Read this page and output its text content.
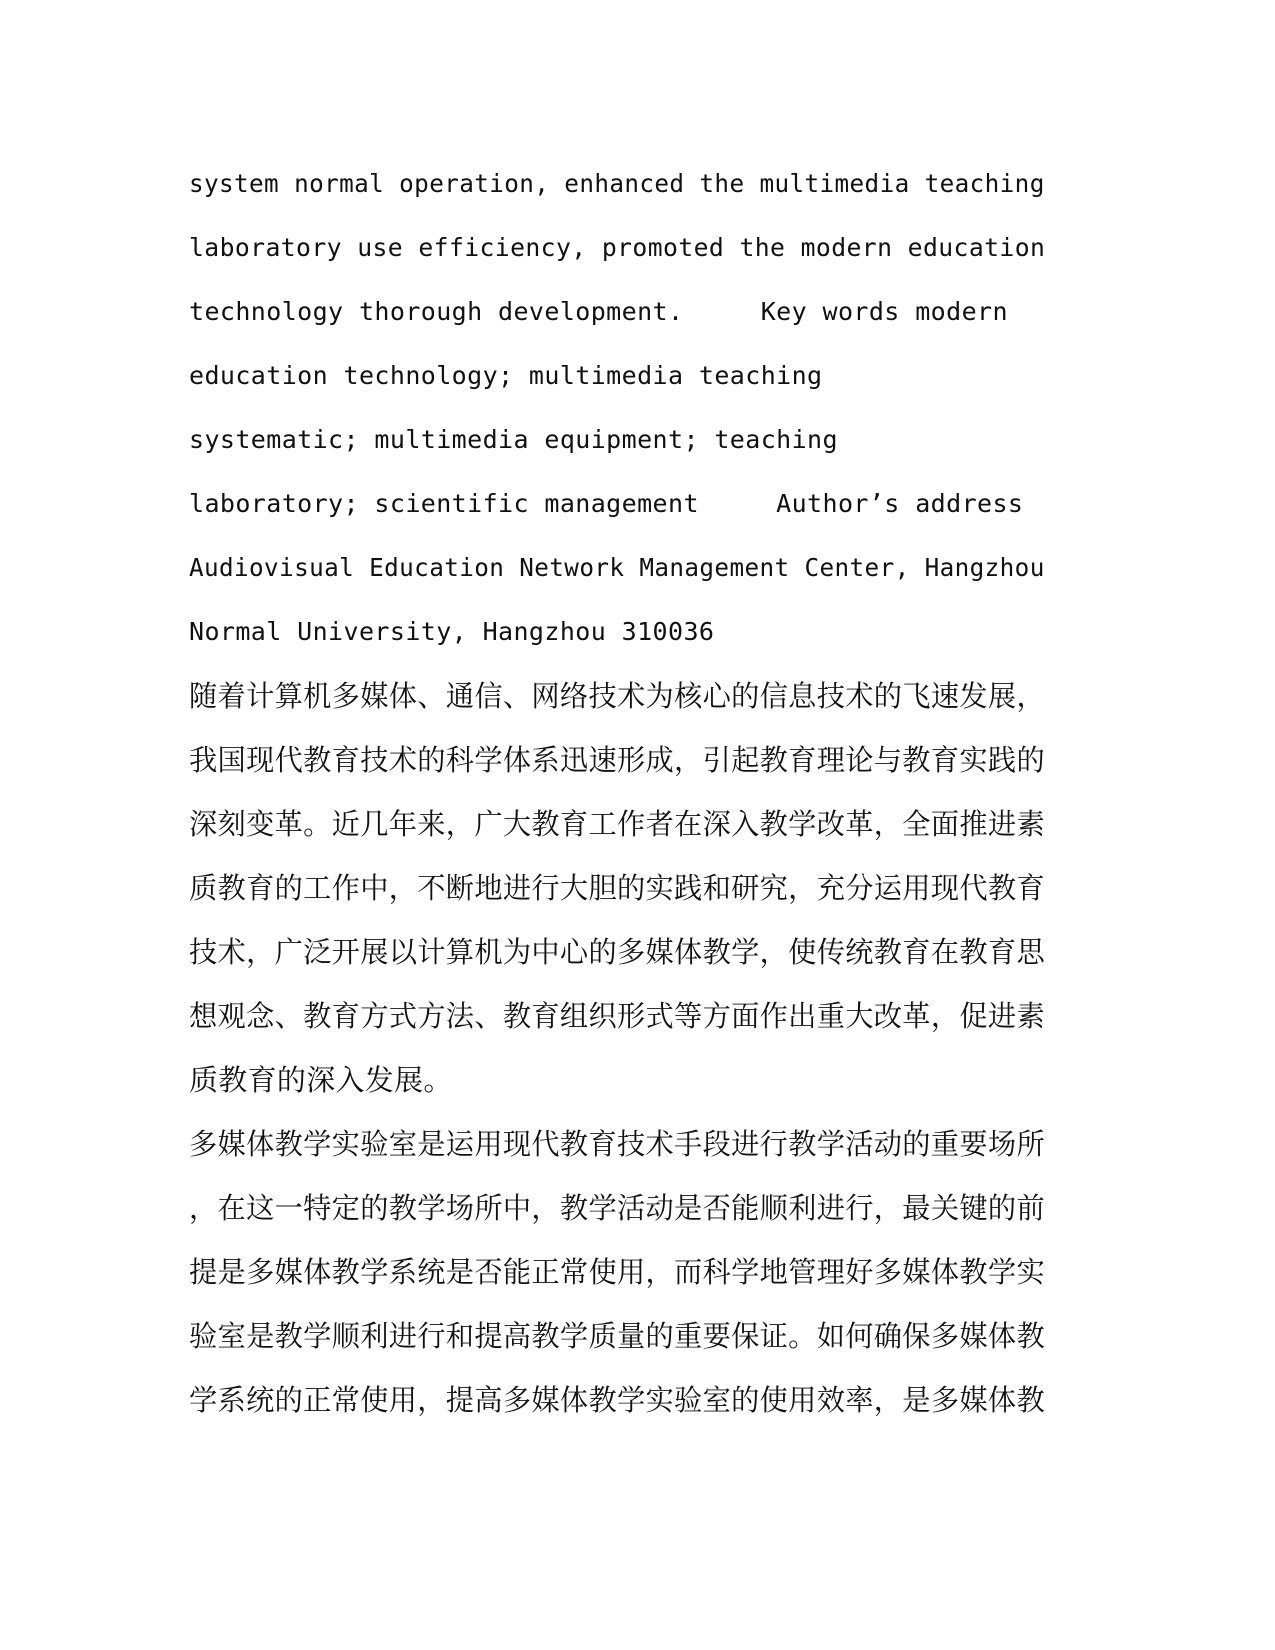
system normal operation, enhanced the multimedia teaching
laboratory use efficiency, promoted the modern education
technology thorough development.     Key words modern
education technology; multimedia teaching
systematic; multimedia equipment; teaching
laboratory; scientific management     Author’s address
Audiovisual Education Network Management Center, Hangzhou
Normal University, Hangzhou 310036
随着计算机多媒体、通信、网络技术为核心的信息技术的飞速发展，
我国现代教育技术的科学体系迅速形成，引起教育理论与教育实践的
深刻变革。近几年来，广大教育工作者在深入教学改革，全面推进素
质教育的工作中，不断地进行大胆的实践和研究，充分运用现代教育
技术，广泛开展以计算机为中心的多媒体教学，使传统教育在教育思
想观念、教育方式方法、教育组织形式等方面作出重大改革，促进素
质教育的深入发展。
多媒体教学实验室是运用现代教育技术手段进行教学活动的重要场所
，在这一特定的教学场所中，教学活动是否能顺利进行，最关键的前
提是多媒体教学系统是否能正常使用，而科学地管理好多媒体教学实
验室是教学顺利进行和提高教学质量的重要保证。如何确保多媒体教
学系统的正常使用，提高多媒体教学实验室的使用效率，是多媒体教
